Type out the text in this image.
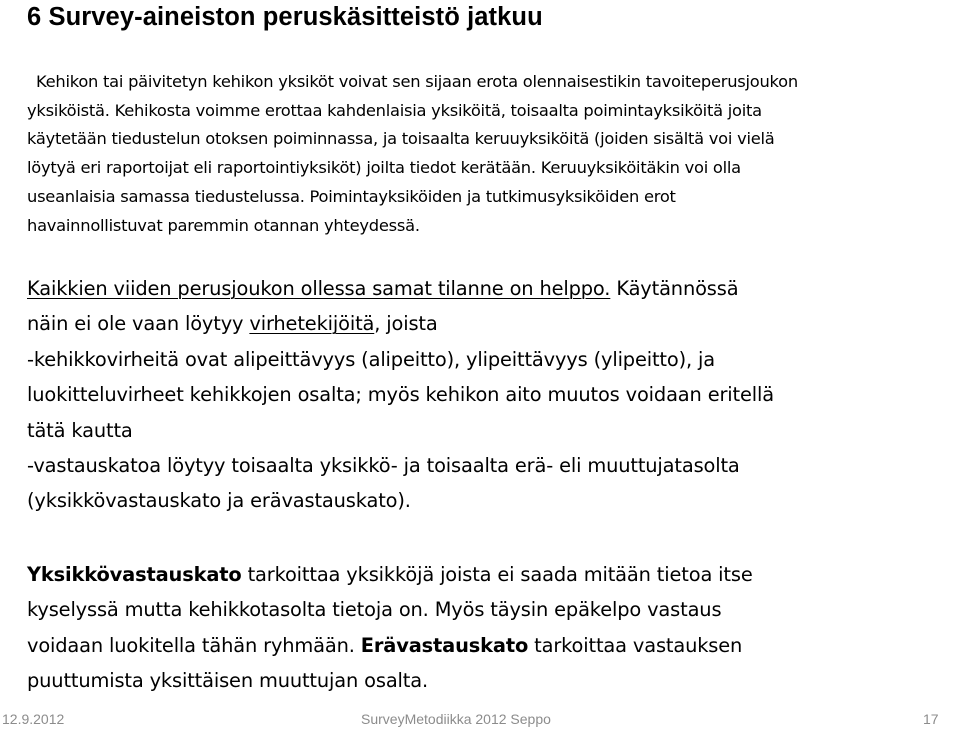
6 Survey-aineiston peruskäsitteistö jatkuu

Kehikon tai päivitetyn kehikon yksiköt voivat sen sijaan erota olennaisestikin tavoiteperusjoukon
yksiköistä. Kehikosta voimme erottaa kahdenlaisia yksiköitä, toisaalta poimintayksiköitä joita
käytetään tiedustelun otoksen poiminnassa, ja toisaalta keruuyksiköitä (joiden sisältä voi vielä
löytyä eri raportoijat eli raportointiyksiköt) joilta tiedot kerätään. Keruuyksiköitäkin voi olla
useanlaisia samassa tiedustelussa. Poimintayksiköiden ja tutkimusyksiköiden erot
havainnollistuvat paremmin otannan yhteydessä.

Kaikkien viiden perusjoukon ollessa samat tilanne on helppo. Käytännössä
näin ei ole vaan löytyy virhetekijöitä, joista
-kehikkovirheitä ovat alipeittävyys (alipeitto), ylipeittävyys (ylipeitto), ja
luokitteluvirheet kehikkojen osalta; myös kehikon aito muutos voidaan eritellä
tätä kautta
-vastauskatoa löytyy toisaalta yksikkö- ja toisaalta erä- eli muuttujatasolta
(yksikkövastauskato ja erävastauskato).
Yksikkövastauskato tarkoittaa yksikköjä joista ei saada mitään tietoa itse
kyselyssä mutta kehikkotasolta tietoja on. Myös täysin epäkelpo vastaus
voidaan luokitella tähän ryhmään. Erävastauskato tarkoittaa vastauksen
puuttumista yksittäisen muuttujan osalta.
12.9.2012	SurveyMetodiikka 2012 Seppo	17
